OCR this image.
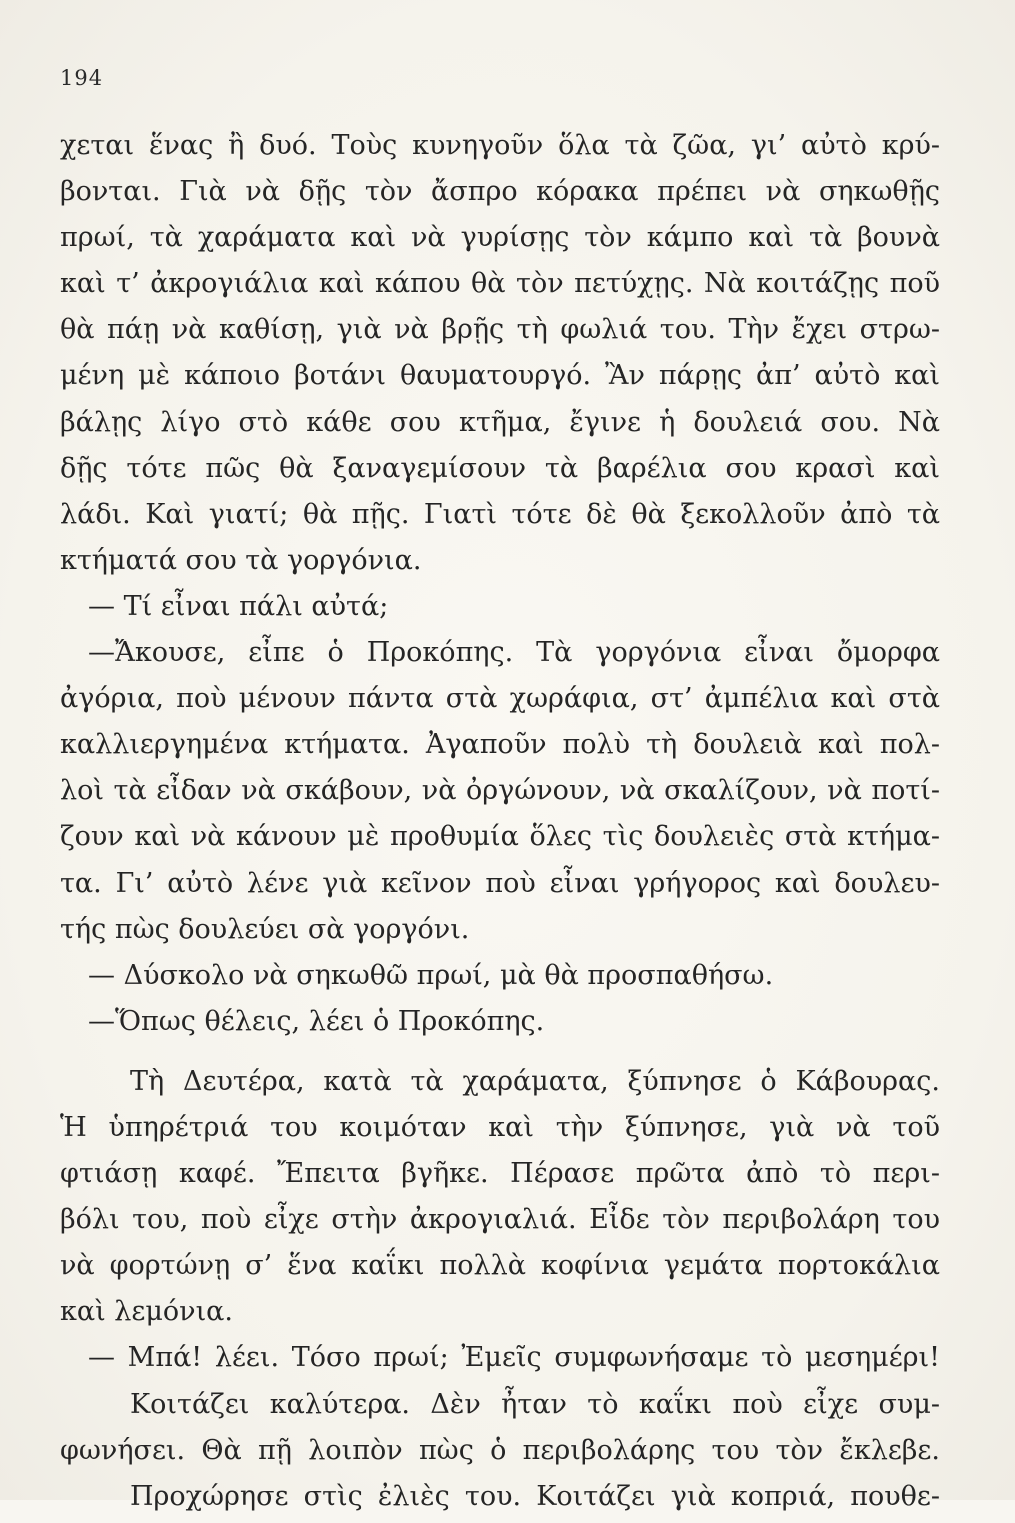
194
χεται ἕνας ἢ δυό. Τοὺς κυνηγοῦν ὅλα τὰ ζῶα, γι’ αὐτὸ κρύ-
βονται. Γιὰ νὰ δῇς τὸν ἄσπρο κόρακα πρέπει νὰ σηκωθῇς
πρωί, τὰ χαράματα καὶ νὰ γυρίσῃς τὸν κάμπο καὶ τὰ βουνὰ
καὶ τ’ ἀκρογιάλια καὶ κάπου θὰ τὸν πετύχῃς. Νὰ κοιτάζῃς ποῦ
θὰ πάῃ νὰ καθίσῃ, γιὰ νὰ βρῇς τὴ φωλιά του. Τὴν ἔχει στρω-
μένη μὲ κάποιο βοτάνι θαυματουργό. Ἂν πάρῃς ἀπ’ αὐτὸ καὶ
βάλῃς λίγο στὸ κάθε σου κτῆμα, ἔγινε ἡ δουλειά σου. Νὰ
δῇς τότε πῶς θὰ ξαναγεμίσουν τὰ βαρέλια σου κρασὶ καὶ
λάδι. Καὶ γιατί; θὰ πῇς. Γιατὶ τότε δὲ θὰ ξεκολλοῦν ἀπὸ τὰ
κτήματά σου τὰ γοργόνια.
— Τί εἶναι πάλι αὐτά;
—Ἄκουσε, εἶπε ὁ Προκόπης. Τὰ γοργόνια εἶναι ὄμορφα
ἀγόρια, ποὺ μένουν πάντα στὰ χωράφια, στ’ ἀμπέλια καὶ στὰ
καλλιεργημένα κτήματα. Ἀγαποῦν πολὺ τὴ δουλειὰ καὶ πολ-
λοὶ τὰ εἶδαν νὰ σκάβουν, νὰ ὀργώνουν, νὰ σκαλίζουν, νὰ ποτί-
ζουν καὶ νὰ κάνουν μὲ προθυμία ὅλες τὶς δουλειὲς στὰ κτήμα-
τα. Γι’ αὐτὸ λένε γιὰ κεῖνον ποὺ εἶναι γρήγορος καὶ δουλευ-
τής πὼς δουλεύει σὰ γοργόνι.
— Δύσκολο νὰ σηκωθῶ πρωί, μὰ θὰ προσπαθήσω.
—Ὅπως θέλεις, λέει ὁ Προκόπης.
Τὴ Δευτέρα, κατὰ τὰ χαράματα, ξύπνησε ὁ Κάβουρας.
Ἡ ὑπηρέτριά του κοιμόταν καὶ τὴν ξύπνησε, γιὰ νὰ τοῦ
φτιάσῃ καφέ. Ἔπειτα βγῆκε. Πέρασε πρῶτα ἀπὸ τὸ περι-
βόλι του, ποὺ εἶχε στὴν ἀκρογιαλιά. Εἶδε τὸν περιβολάρη του
νὰ φορτώνῃ σ’ ἕνα καΐκι πολλὰ κοφίνια γεμάτα πορτοκάλια
καὶ λεμόνια.
— Μπά! λέει. Τόσο πρωί; Ἐμεῖς συμφωνήσαμε τὸ μεσημέρι!
Κοιτάζει καλύτερα. Δὲν ἦταν τὸ καΐκι ποὺ εἶχε συμ-
φωνήσει. Θὰ πῇ λοιπὸν πὼς ὁ περιβολάρης του τὸν ἔκλεβε.
Προχώρησε στὶς ἐλιὲς του. Κοιτάζει γιὰ κοπριά, πουθε-
